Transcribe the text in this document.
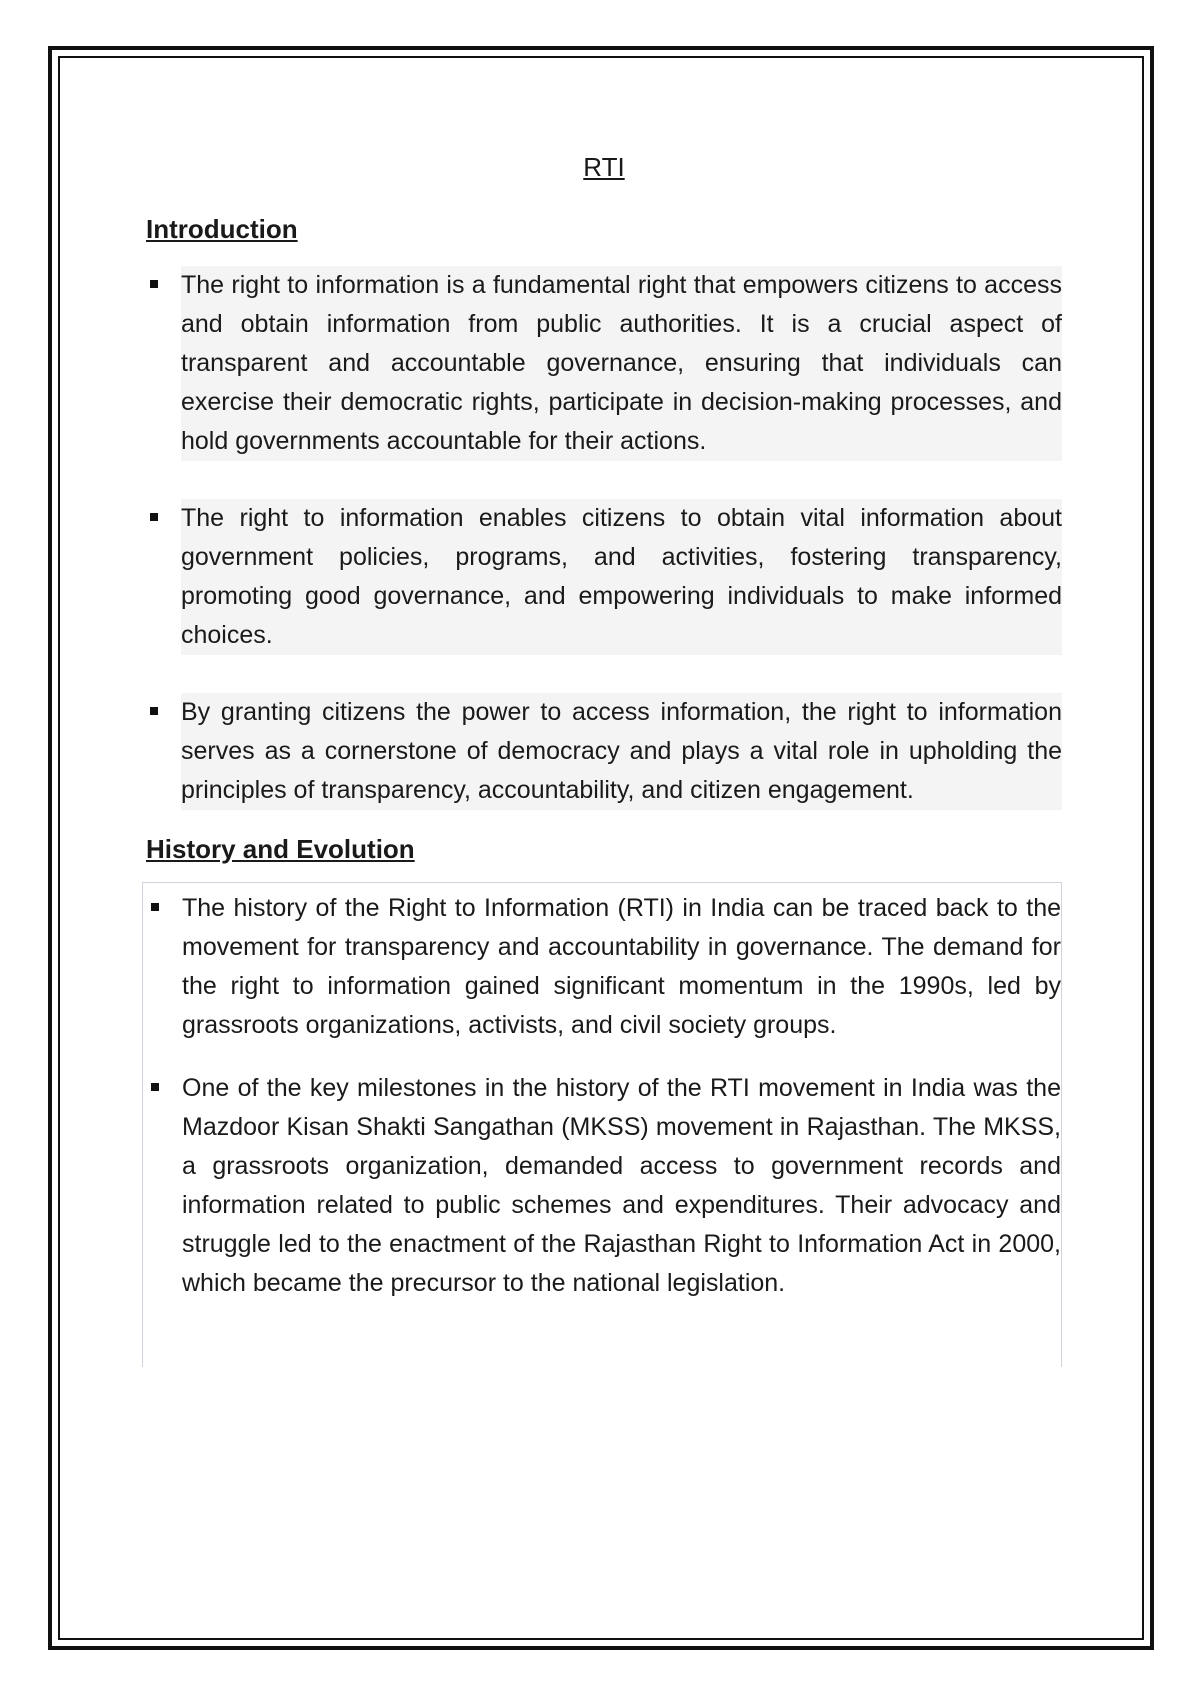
RTI
Introduction
The right to information is a fundamental right that empowers citizens to access and obtain information from public authorities. It is a crucial aspect of transparent and accountable governance, ensuring that individuals can exercise their democratic rights, participate in decision-making processes, and hold governments accountable for their actions.
The right to information enables citizens to obtain vital information about government policies, programs, and activities, fostering transparency, promoting good governance, and empowering individuals to make informed choices.
By granting citizens the power to access information, the right to information serves as a cornerstone of democracy and plays a vital role in upholding the principles of transparency, accountability, and citizen engagement.
History and Evolution
The history of the Right to Information (RTI) in India can be traced back to the movement for transparency and accountability in governance. The demand for the right to information gained significant momentum in the 1990s, led by grassroots organizations, activists, and civil society groups.
One of the key milestones in the history of the RTI movement in India was the Mazdoor Kisan Shakti Sangathan (MKSS) movement in Rajasthan. The MKSS, a grassroots organization, demanded access to government records and information related to public schemes and expenditures. Their advocacy and struggle led to the enactment of the Rajasthan Right to Information Act in 2000, which became the precursor to the national legislation.
